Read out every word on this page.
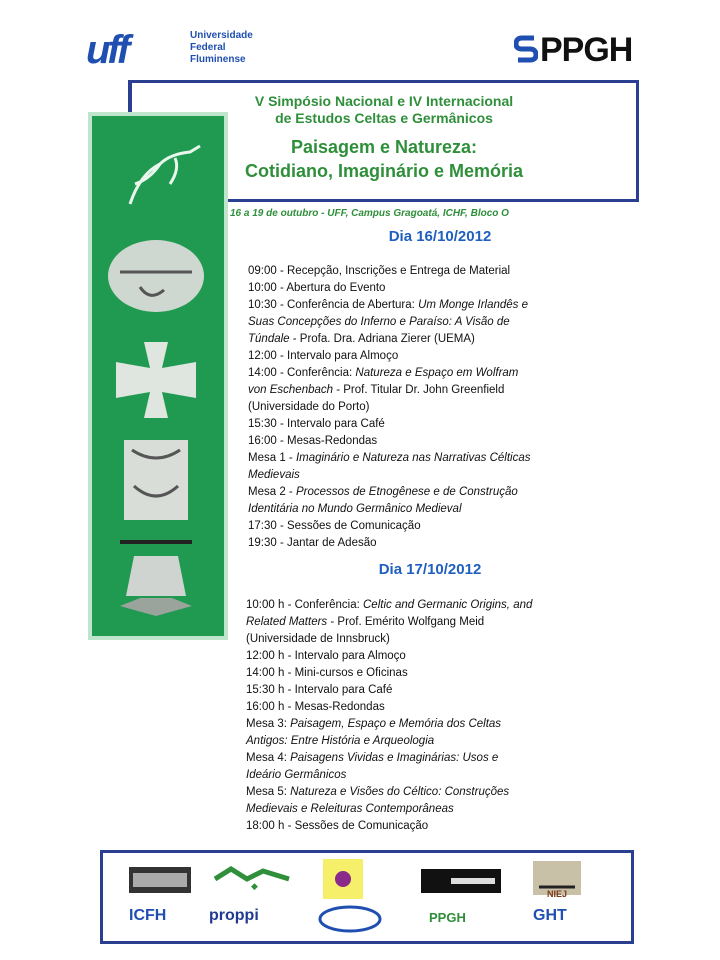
uff	Universidade
Federal
Fluminense	PPGH
V Simpósio Nacional e IV Internacional
de Estudos Celtas e Germânicos
Paisagem e Natureza:
Cotidiano, Imaginário e Memória
16 a 19 de outubro - UFF, Campus Gragoatá, ICHF, Bloco O
Dia 16/10/2012
09:00 - Recepção, Inscrições e Entrega de Material
10:00 - Abertura do Evento
10:30 - Conferência de Abertura: Um Monge Irlandês e
Suas Concepções do Inferno e Paraíso: A Visão de
Túndale - Profa. Dra. Adriana Zierer (UEMA)
12:00 - Intervalo para Almoço
14:00 - Conferência: Natureza e Espaço em Wolfram
von Eschenbach - Prof. Titular Dr. John Greenfield
(Universidade do Porto)
15:30 - Intervalo para Café
16:00 - Mesas-Redondas
Mesa 1 - Imaginário e Natureza nas Narrativas Célticas
Medievais
Mesa 2 - Processos de Etnogênese e de Construção
Identitária no Mundo Germânico Medieval
17:30 - Sessões de Comunicação
19:30 - Jantar de Adesão
Dia 17/10/2012
10:00 h - Conferência: Celtic and Germanic Origins, and
Related Matters - Prof. Emérito Wolfgang Meid
(Universidade de Innsbruck)
12:00 h - Intervalo para Almoço
14:00 h - Mini-cursos e Oficinas
15:30 h - Intervalo para Café
16:00 h - Mesas-Redondas
Mesa 3: Paisagem, Espaço e Memória dos Celtas
Antigos: Entre História e Arqueologia
Mesa 4: Paisagens Vividas e Imaginárias: Usos e
Ideário Germânicos
Mesa 5: Natureza e Visões do Céltico: Construções
Medievais e Releituras Contemporâneas
18:00 h - Sessões de Comunicação
◆
ICFH	proppi	PPGH
NIEJ
GHT
